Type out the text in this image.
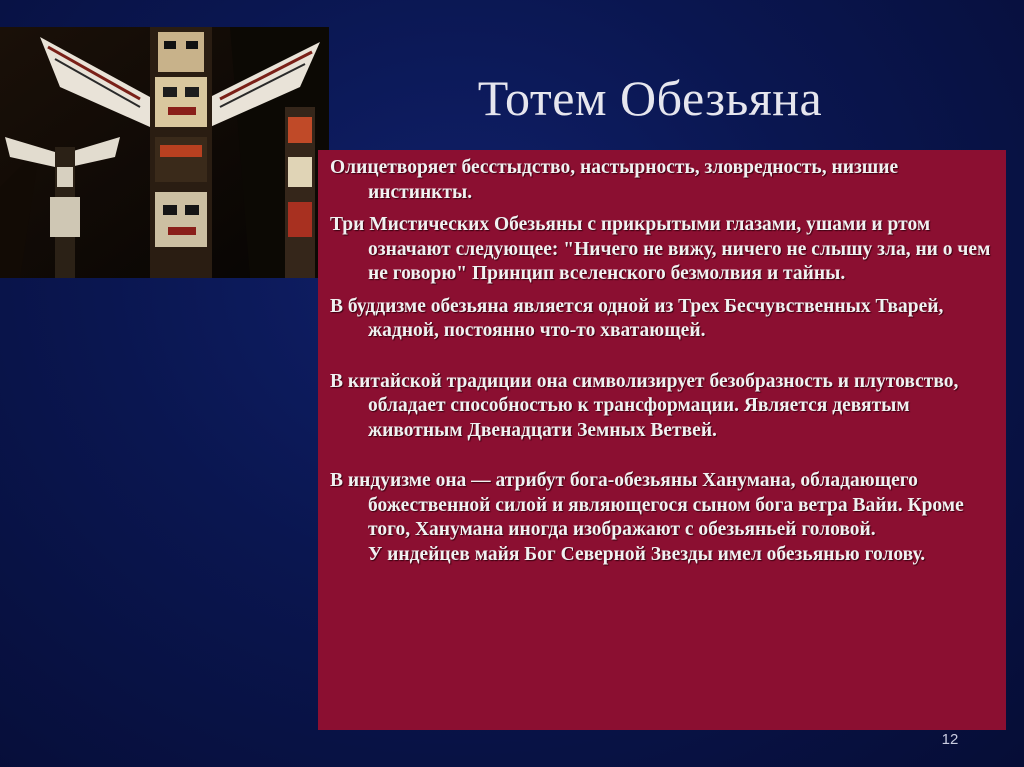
Тотем Обезьяна
Олицетворяет бесстыдство, настырность, зловредность, низшие инстинкты.
Три Мистических Обезьяны с прикрытыми глазами, ушами и ртом означают следующее: "Ничего не вижу, ничего не слышу зла, ни о чем не говорю" Принцип вселенского безмолвия и тайны.
В буддизме обезьяна является одной из Трех Бесчувственных Тварей, жадной, постоянно что-то хватающей.
В китайской традиции она символизирует безобразность и плутовство, обладает способностью к трансформации. Является девятым животным Двенадцати Земных Ветвей.
В индуизме она — атрибут бога-обезьяны Ханумана, обладающего божественной силой и являющегося сыном бога ветра Вайи. Кроме того, Ханумана иногда изображают с обезьяньей головой.
У индейцев майя Бог Северной Звезды имел обезьянью голову.
12
